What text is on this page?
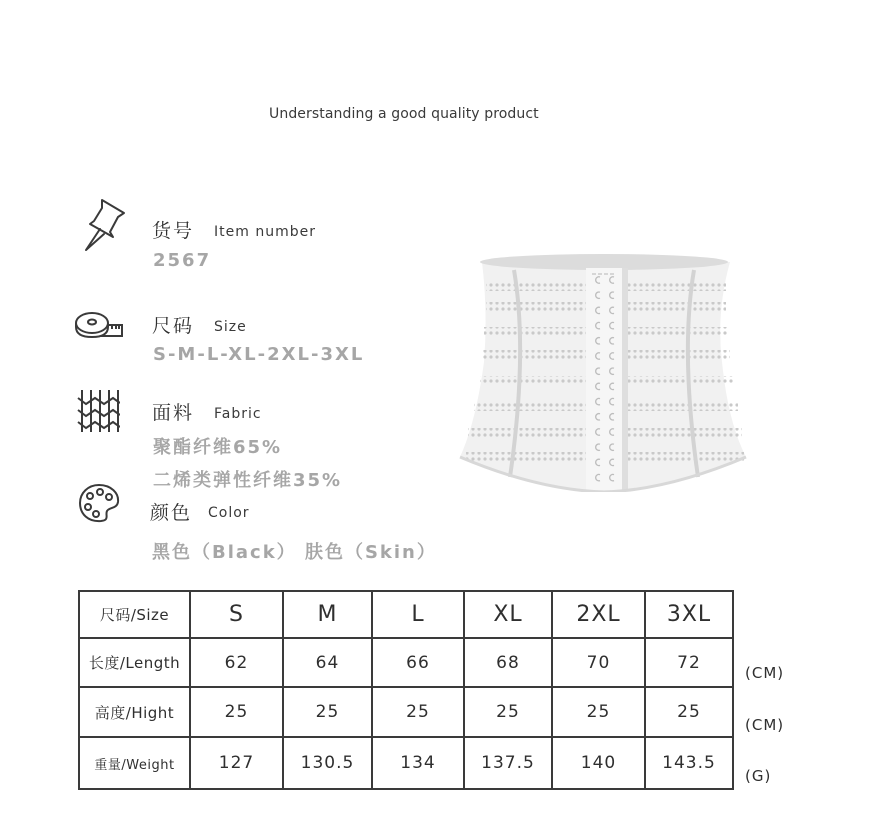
Understanding a good quality product
货号 Item number
2567
尺码 Size
S-M-L-XL-2XL-3XL
面料 Fabric
聚酯纤维65%
二烯类弹性纤维35%
颜色 Color
黑色（Black） 肤色（Skin）
尺码/Size	S	M	L	XL	2XL	3XL
长度/Length	62	64	66	68	70	72
高度/Hight	25	25	25	25	25	25
重量/Weight	127	130.5	134	137.5	140	143.5
(CM)
(CM)
(G)
